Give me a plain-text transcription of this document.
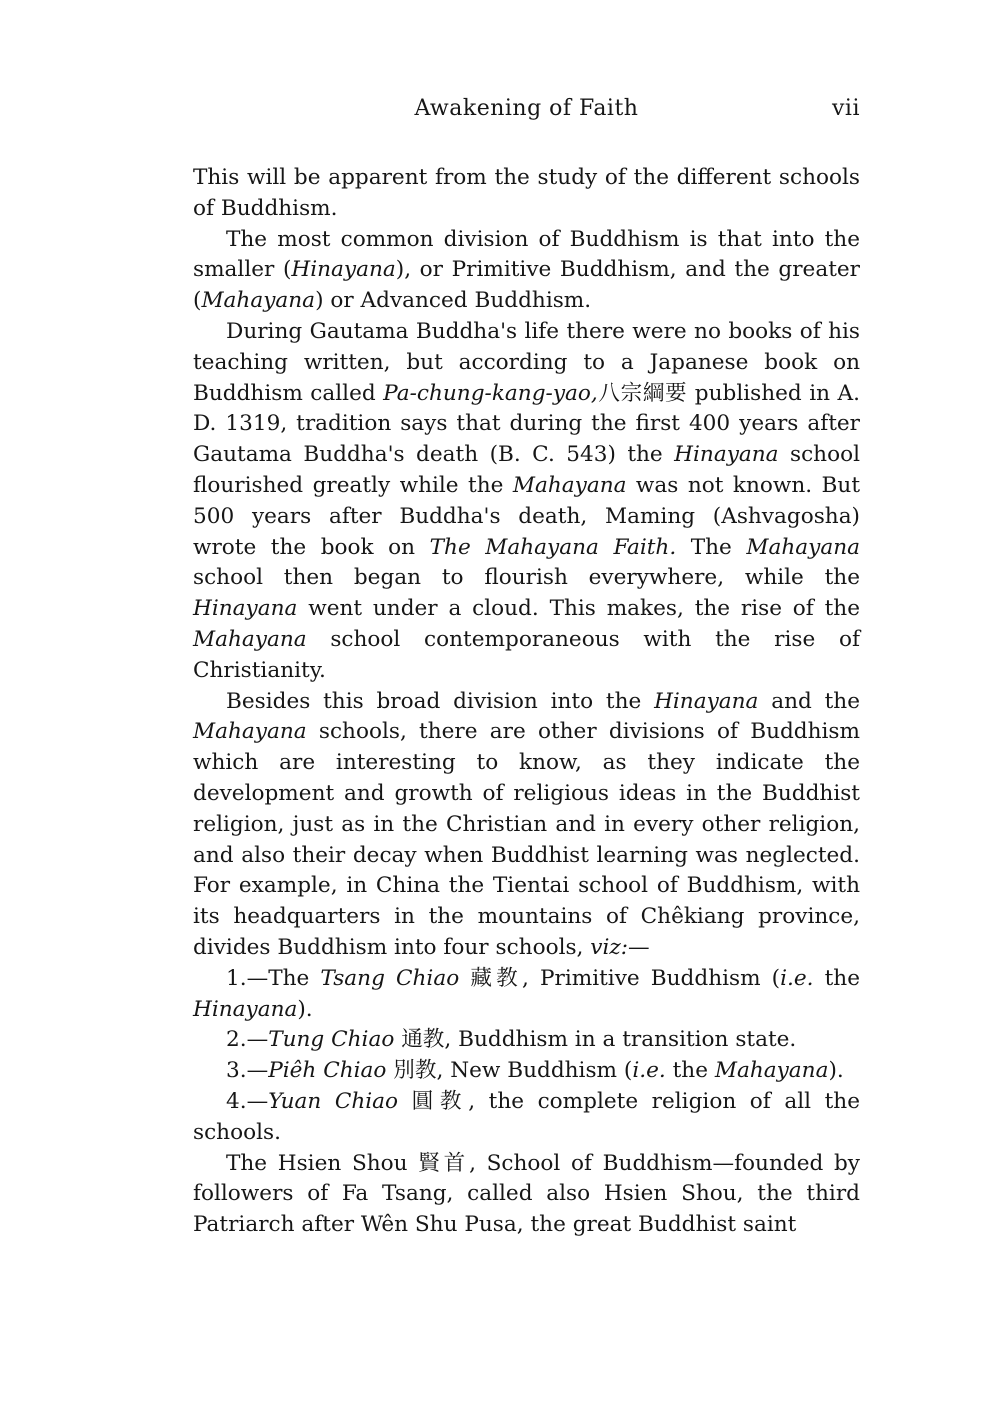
Awakening of Faith	vii

This will be apparent from the study of the different schools of Buddhism.

The most common division of Buddhism is that into the smaller (Hinayana), or Primitive Buddhism, and the greater (Mahayana) or Advanced Buddhism.

During Gautama Buddha's life there were no books of his teaching written, but according to a Japanese book on Buddhism called Pa-chung-kang-yao,八宗綱要 published in A. D. 1319, tradition says that during the first 400 years after Gautama Buddha's death (B. C. 543) the Hinayana school flourished greatly while the Mahayana was not known. But 500 years after Buddha's death, Maming (Ashvagosha) wrote the book on The Mahayana Faith. The Mahayana school then began to flourish everywhere, while the Hinayana went under a cloud. This makes, the rise of the Mahayana school contemporaneous with the rise of Christianity.

Besides this broad division into the Hinayana and the Mahayana schools, there are other divisions of Buddhism which are interesting to know, as they indicate the development and growth of religious ideas in the Buddhist religion, just as in the Christian and in every other religion, and also their decay when Buddhist learning was neglected. For example, in China the Tientai school of Buddhism, with its headquarters in the mountains of Chêkiang province, divides Buddhism into four schools, viz:—

1.—The Tsang Chiao 藏教, Primitive Buddhism (i.e. the Hinayana).

2.—Tung Chiao 通教, Buddhism in a transition state.

3.—Piêh Chiao 別教, New Buddhism (i.e. the Mahayana).

4.—Yuan Chiao 圓教, the complete religion of all the schools.

The Hsien Shou 賢首, School of Buddhism—founded by followers of Fa Tsang, called also Hsien Shou, the third Patriarch after Wên Shu Pusa, the great Buddhist saint
